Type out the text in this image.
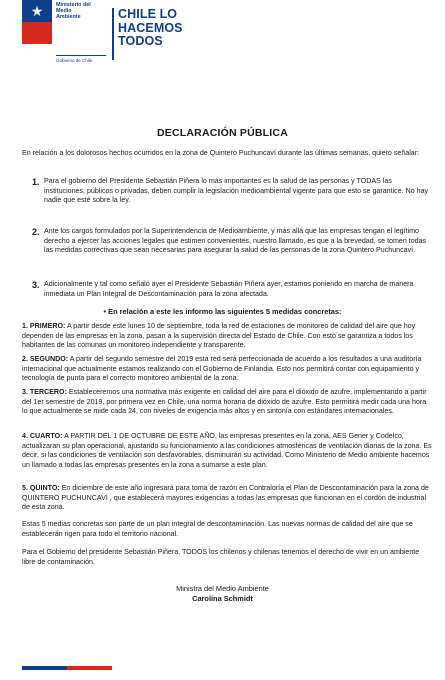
★	Ministerio del
Medio
Ambiente
Gobierno de Chile
CHILE LO
HACEMOS
TODOS
DECLARACIÓN PÚBLICA
En relación a los dolorosos hechos ocurridos en la zona de Quintero Puchuncaví durante las últimas semanas, quiero señalar:
1. Para el gobierno del Presidente Sebastián Piñera lo más importantes es la salud de las personas y TODAS las instituciones, públicos o privadas, deben cumplir la legislación medioambiental vigente para que esto se garantice. No hay nadie que esté sobre la ley.
2. Ante los cargos formulados por la Superintendencia de Medioambiente, y más allá que las empresas tengan el legítimo derecho a ejercer las acciones legales que estimen convenientes, nuestro llamado, es que a la brevedad, se tomen todas las medidas correctivas que sean necesarias para asegurar la salud de las personas de la zona Quintero Puchuncaví.
3. Adicionalmente y tal como señaló ayer el Presidente Sebastián Piñera ayer, estamos poniendo en marcha de manera inmediata un Plan Integral de Descontaminación para la zona afectada.
• En relación a este les informo las siguientes 5 medidas concretas:
1. PRIMERO: A partir desde este lunes 10 de septiembre, toda la red de estaciones de monitoreo de calidad del aire que hoy dependen de las empresas en la zona, pasan a la supervisión directa del Estado de Chile. Con esto se garantiza a todos los habitantes de las comunas un monitoreo independiente y transparente.
2. SEGUNDO: A partir del segundo semestre del 2019 esta red será perfeccionada de acuerdo a los resultados a una auditoría internacional que actualmente estamos realizando con el Gobierno de Finlandia. Esto nos permitirá contar con equipamiento y tecnología de punta para el correcto monitoreo ambiental de la zona.
3. TERCERO: Estableceremos una normativa más exigente en calidad del aire para el dióxido de azufre, implementando a partir del 1er semestre de 2019, por primera vez en Chile, una norma horaria de dióxido de azufre. Esto permitirá medir cada una hora lo que actualmente se mide cada 24, con niveles de exigencia más altos y en sintonía con estándares internacionales.
4. CUARTO: A PARTIR DEL 1 DE OCTUBRE DE ESTE AÑO, las empresas presentes en la zona, AES Gener y Codelco, actualizaran su plan operacional, ajustando su funcionamiento a las condiciones atmosféricas de ventilación diarias de la zona. Es decir, si las condiciones de ventilación son desfavorables, disminuirán su actividad. Como Ministerio de Medio ambiente hacemos un llamado a todas las empresas presentes en la zona a sumarse a este plan.
5. QUINTO: En diciembre de este año ingresará para toma de razón en Contraloría el Plan de Descontaminación para la zona de QUINTERO PUCHUNCAVI , que establecerá mayores exigencias a todas las empresas que funcionan en el cordón de industrial de esta zona.
Estas 5 medias concretas son parte de un plan integral de descontaminación. Las nuevas normas de calidad del aire que se establecerán rigen para todo el territorio nacional.
Para el Gobierno del presidente Sebastián Piñera, TODOS los chilenos y chilenas tenemos el derecho de vivir en un ambiente libre de contaminación.
Ministra del Medio Ambiente
Carolina Schmidt
